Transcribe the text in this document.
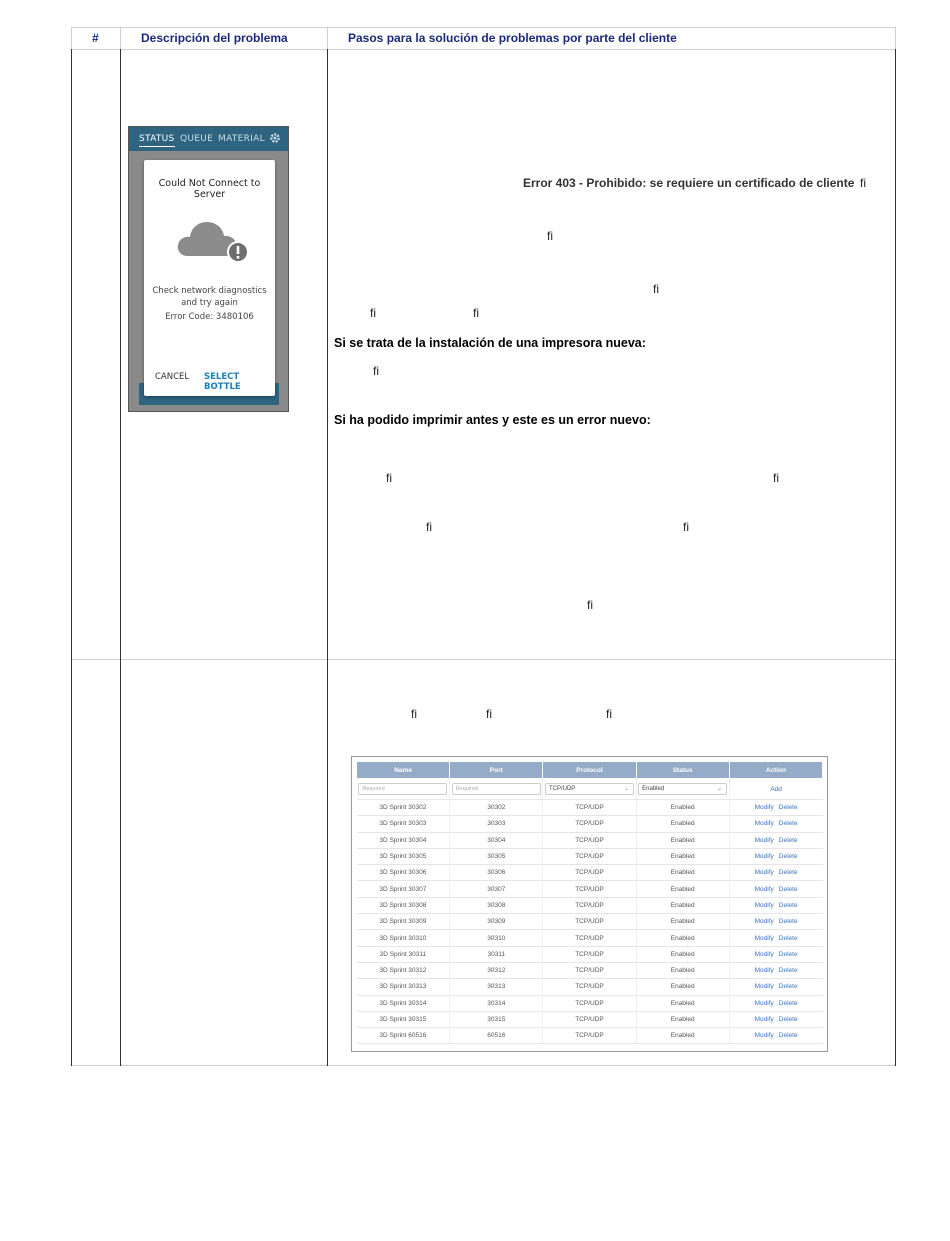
#	Descripción del problema	Pasos para la solución de problemas por parte del cliente
STATUS QUEUE MATERIAL
Could Not Connect to Server
Check network diagnostics
and try again
Error Code: 3480106
CANCEL SELECT BOTTLE
Error 403 - Prohibido: se requiere un certificado de cliente fi
fi
fi
fi	fi
Si se trata de la instalación de una impresora nueva:
fi
Si ha podido imprimir antes y este es un error nuevo:
fi	fi
fi	fi
fi
fi	fi	fi
Name	Port	Protocol	Status	Action
Required	Required	TCP/UDP ⌄	Enabled ⌄	Add
3D Sprint 30302	30302	TCP/UDP	Enabled	Modify Delete
3D Sprint 30303	30303	TCP/UDP	Enabled	Modify Delete
3D Sprint 30304	30304	TCP/UDP	Enabled	Modify Delete
3D Sprint 30305	30305	TCP/UDP	Enabled	Modify Delete
3D Sprint 30306	30306	TCP/UDP	Enabled	Modify Delete
3D Sprint 30307	30307	TCP/UDP	Enabled	Modify Delete
3D Sprint 30308	30308	TCP/UDP	Enabled	Modify Delete
3D Sprint 30309	30309	TCP/UDP	Enabled	Modify Delete
3D Sprint 30310	30310	TCP/UDP	Enabled	Modify Delete
3D Sprint 30311	30311	TCP/UDP	Enabled	Modify Delete
3D Sprint 30312	30312	TCP/UDP	Enabled	Modify Delete
3D Sprint 30313	30313	TCP/UDP	Enabled	Modify Delete
3D Sprint 30314	30314	TCP/UDP	Enabled	Modify Delete
3D Sprint 30315	30315	TCP/UDP	Enabled	Modify Delete
3D Sprint 60516	60516	TCP/UDP	Enabled	Modify Delete
